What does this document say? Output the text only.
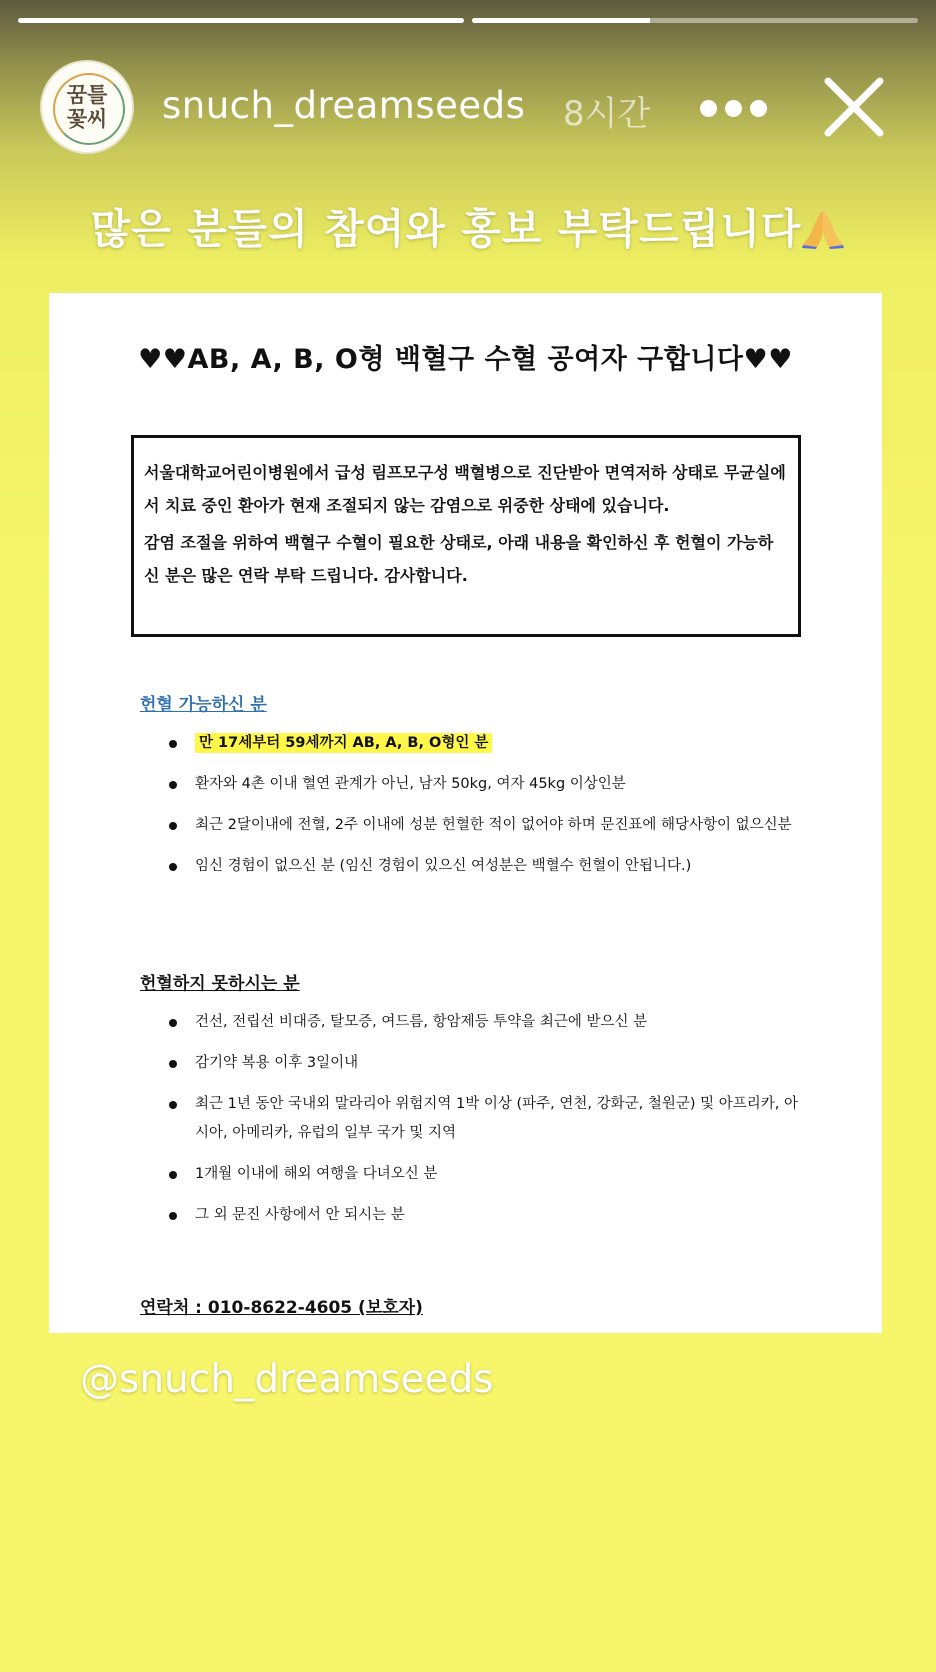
꿈틀
꽃씨 snuch_dreamseeds 8시간
많은 분들의 참여와 홍보 부탁드립니다
♥♥AB, A, B, O형 백혈구 수혈 공여자 구합니다♥♥

서울대학교어린이병원에서 급성 림프모구성 백혈병으로 진단받아 면역저하 상태로 무균실에서 치료 중인 환아가 현재 조절되지 않는 감염으로 위중한 상태에 있습니다.

감염 조절을 위하여 백혈구 수혈이 필요한 상태로, 아래 내용을 확인하신 후 헌혈이 가능하신 분은 많은 연락 부탁 드립니다. 감사합니다.

헌혈 가능하신 분
만 17세부터 59세까지 AB, A, B, O형인 분
환자와 4촌 이내 혈연 관계가 아닌, 남자 50kg, 여자 45kg 이상인분
최근 2달이내에 전혈, 2주 이내에 성분 헌혈한 적이 없어야 하며 문진표에 해당사항이 없으신분
임신 경험이 없으신 분 (임신 경험이 있으신 여성분은 백혈수 헌혈이 안됩니다.)
헌혈하지 못하시는 분
건선, 전립선 비대증, 탈모증, 여드름, 항암제등 투약을 최근에 받으신 분
감기약 복용 이후 3일이내
최근 1년 동안 국내외 말라리아 위험지역 1박 이상 (파주, 연천, 강화군, 철원군) 및 아프리카, 아시아, 아메리카, 유럽의 일부 국가 및 지역
1개월 이내에 해외 여행을 다녀오신 분
그 외 문진 사항에서 안 되시는 분
연락처 : 010-8622-4605 (보호자)
@snuch_dreamseeds
